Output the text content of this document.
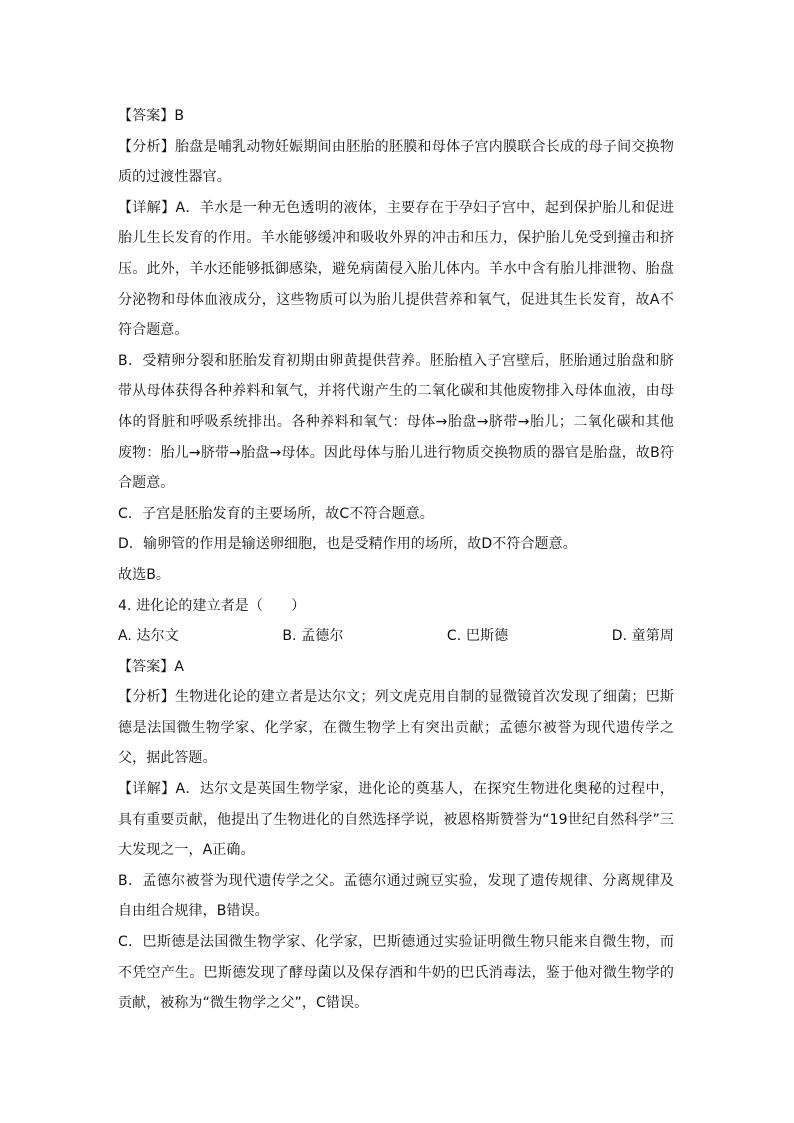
【答案】B

【分析】胎盘是哺乳动物妊娠期间由胚胎的胚膜和母体子宫内膜联合长成的母子间交换物质的过渡性器官。

【详解】A．羊水是一种无色透明的液体，主要存在于孕妇子宫中，起到保护胎儿和促进胎儿生长发育的作用。羊水能够缓冲和吸收外界的冲击和压力，保护胎儿免受到撞击和挤压。此外，羊水还能够抵御感染，避免病菌侵入胎儿体内。羊水中含有胎儿排泄物、胎盘分泌物和母体血液成分，这些物质可以为胎儿提供营养和氧气，促进其生长发育，故A不符合题意。

B．受精卵分裂和胚胎发育初期由卵黄提供营养。胚胎植入子宫壁后，胚胎通过胎盘和脐带从母体获得各种养料和氧气，并将代谢产生的二氧化碳和其他废物排入母体血液，由母体的肾脏和呼吸系统排出。各种养料和氧气：母体→胎盘→脐带→胎儿；二氧化碳和其他废物：胎儿→脐带→胎盘→母体。因此母体与胎儿进行物质交换物质的器官是胎盘，故B符合题意。

C．子宫是胚胎发育的主要场所，故C不符合题意。

D．输卵管的作用是输送卵细胞，也是受精作用的场所，故D不符合题意。

故选B。

4. 进化论的建立者是（　　）

A. 达尔文	B. 孟德尔	C. 巴斯德	D. 童第周

【答案】A

【分析】生物进化论的建立者是达尔文；列文虎克用自制的显微镜首次发现了细菌；巴斯德是法国微生物学家、化学家，在微生物学上有突出贡献；孟德尔被誉为现代遗传学之父，据此答题。

【详解】A．达尔文是英国生物学家，进化论的奠基人，在探究生物进化奥秘的过程中，具有重要贡献，他提出了生物进化的自然选择学说，被恩格斯赞誉为“19世纪自然科学”三大发现之一，A正确。

B．孟德尔被誉为现代遗传学之父。孟德尔通过豌豆实验，发现了遗传规律、分离规律及自由组合规律，B错误。

C．巴斯德是法国微生物学家、化学家，巴斯德通过实验证明微生物只能来自微生物，而不凭空产生。巴斯德发现了酵母菌以及保存酒和牛奶的巴氏消毒法，鉴于他对微生物学的贡献，被称为“微生物学之父”，C错误。
